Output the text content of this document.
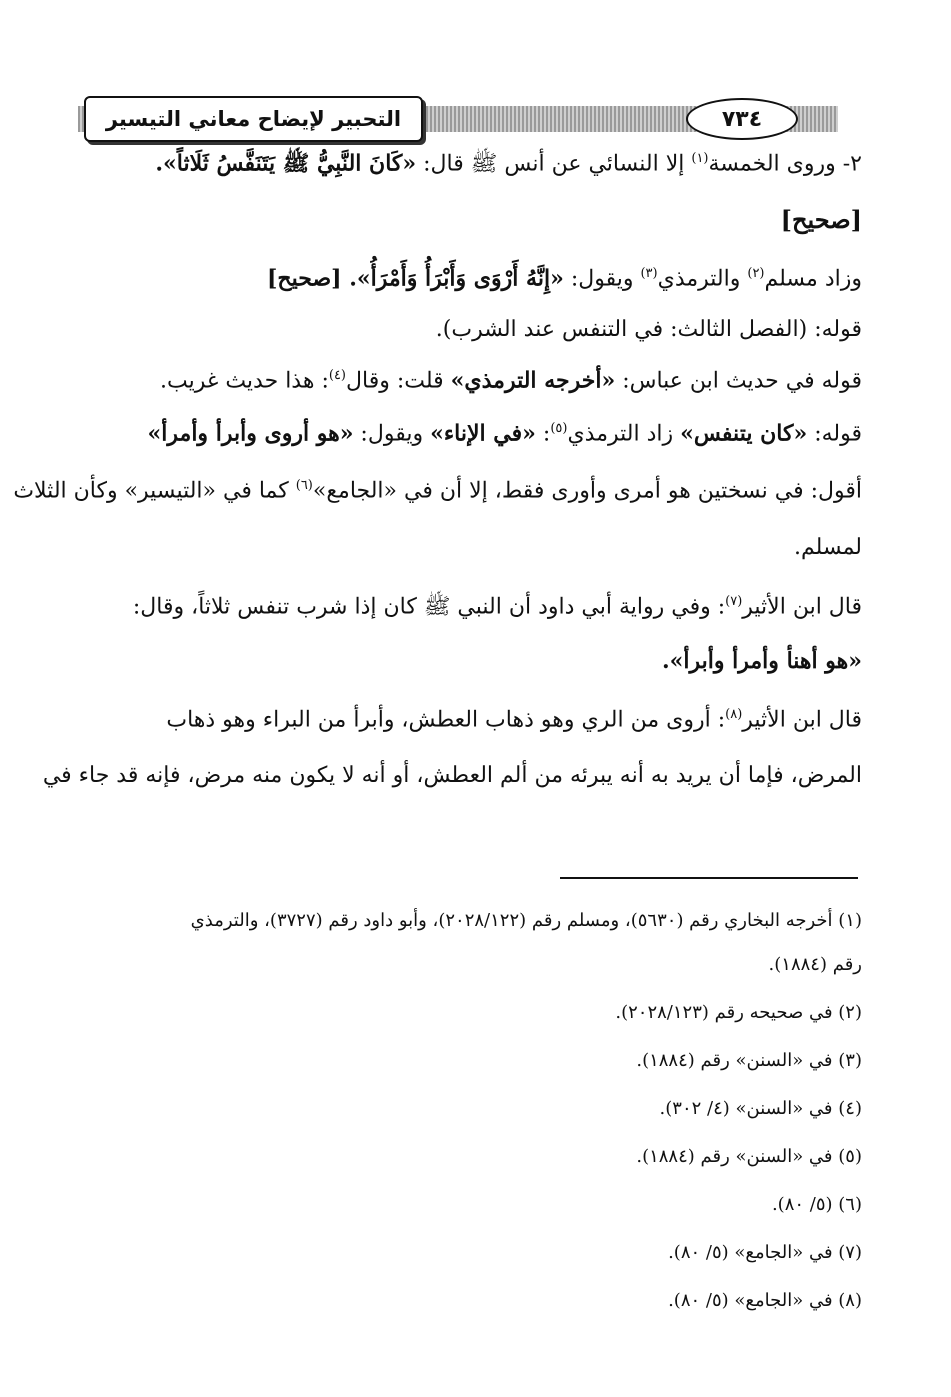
التحبير لإيضاح معاني التيسير	٧٣٤
٢- وروى الخمسة$^{(١)}$ إلا النسائي عن أنس ﷺ قال: «كَانَ النَّبِيُّ ﷺ يَتَنَفَّسُ ثَلَاثاً».
[صحيح]
وزاد مسلم$^{(٢)}$ والترمذي$^{(٣)}$ ويقول: «إِنَّهُ أَرْوَى وَأَبْرَأُ وَأَمْرَأُ». [صحيح]
قوله: (الفصل الثالث: في التنفس عند الشرب).
قوله في حديث ابن عباس: «أخرجه الترمذي» قلت: وقال$^{(٤)}$: هذا حديث غريب.
قوله: «كان يتنفس» زاد الترمذي$^{(٥)}$: «في الإناء» ويقول: «هو أروى وأبرأ وأمرأ»
أقول: في نسختين هو أمرى وأورى فقط، إلا أن في «الجامع»$^{(٦)}$ كما في «التيسير» وكأن الثلاث
لمسلم.
قال ابن الأثير$^{(٧)}$: وفي رواية أبي داود أن النبي ﷺ كان إذا شرب تنفس ثلاثاً، وقال:
«هو أهنأ وأمرأ وأبرأ».
قال ابن الأثير$^{(٨)}$: أروى من الري وهو ذهاب العطش، وأبرأ من البراء وهو ذهاب
المرض، فإما أن يريد به أنه يبرئه من ألم العطش، أو أنه لا يكون منه مرض، فإنه قد جاء في
(١) أخرجه البخاري رقم (٥٦٣٠)، ومسلم رقم (٢٠٢٨/١٢٢)، وأبو داود رقم (٣٧٢٧)، والترمذي
رقم (١٨٨٤).
(٢) في صحيحه رقم (٢٠٢٨/١٢٣).
(٣) في «السنن» رقم (١٨٨٤).
(٤) في «السنن» (٤/ ٣٠٢).
(٥) في «السنن» رقم (١٨٨٤).
(٦) (٥/ ٨٠).
(٧) في «الجامع» (٥/ ٨٠).
(٨) في «الجامع» (٥/ ٨٠).
